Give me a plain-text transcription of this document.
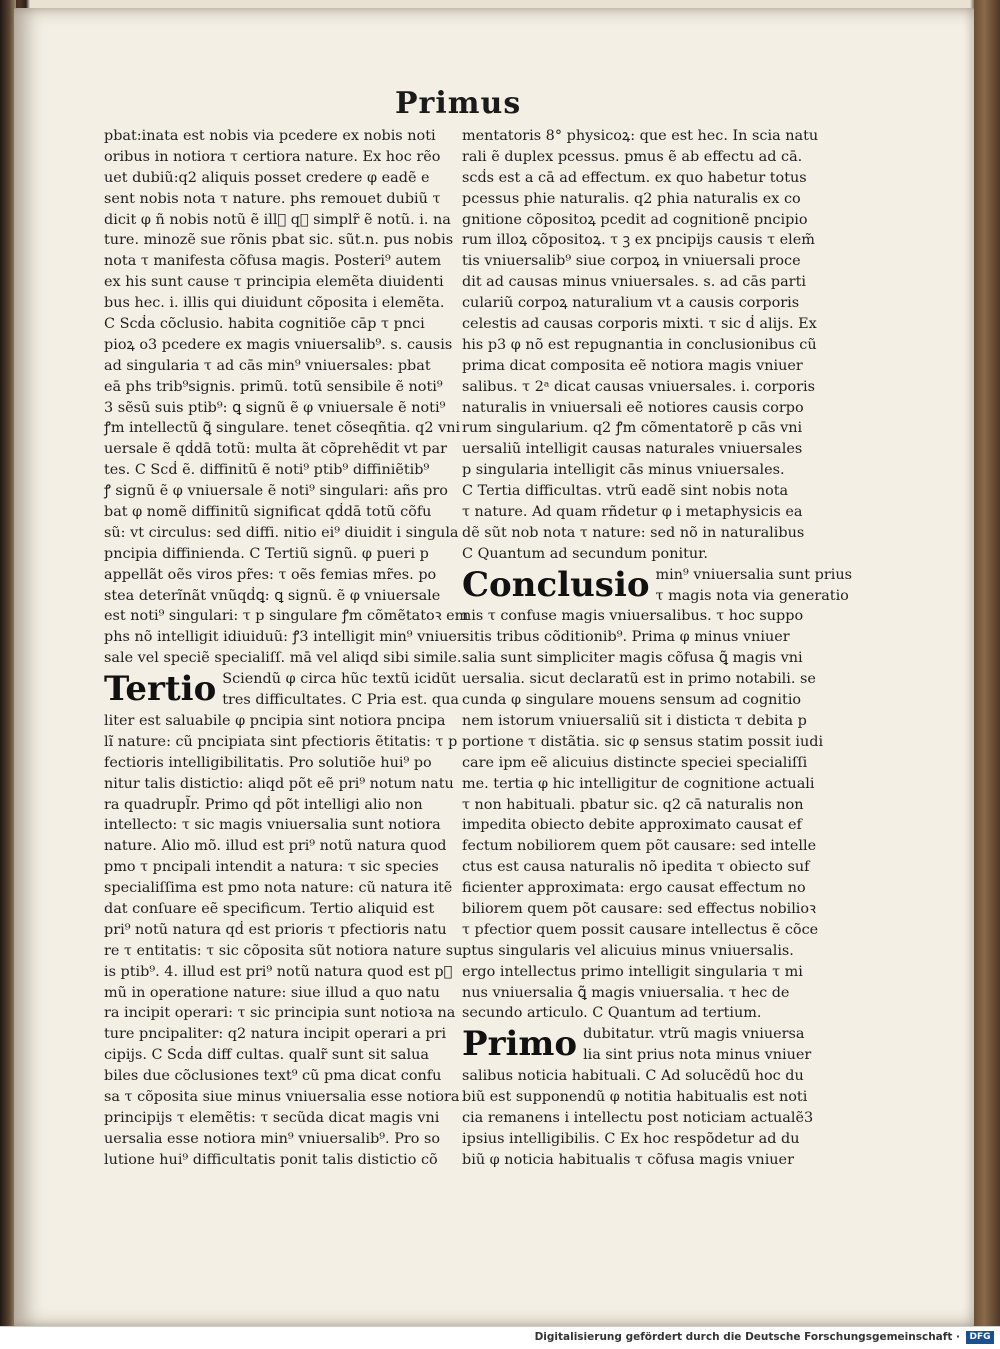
Primus
pbat:inata est nobis via pcedere ex nobis noti
oribus in notiora τ certiora nature. Ex hoc rẽo
uet dubiũ:q2 aliquis posset credere φ eadẽ e
sent nobis nota τ nature. phs remouet dubiũ τ
dicit φ ñ nobis notũ ẽ illᷓ qᷓ simplr̃ ẽ notũ. i. na
ture. minozẽ sue rõnis pbat sic. sũt.n. pus nobis
nota τ manifesta cõfusa magis. Posteri⁹ autem
ex his sunt cause τ principia elemẽta diuidenti
bus hec. i. illis qui diuidunt cõposita i elemẽta.
C Scḋa cõclusio. habita cognitiõe cāp τ pnci
pioꝝ o3 pcedere ex magis vniuersalib⁹. s. causis
ad singularia τ ad cās min⁹ vniuersales: pbat
eā phs trib⁹signis. primũ. totũ sensibile ẽ noti⁹
3 sẽsũ suis ptib⁹: ꝗ signũ ẽ φ vniuersale ẽ noti⁹
ꝭm intellectũ ꝗ̃ singulare. tenet cõseqñtia. q2 vni
uersale ẽ qḋdā totũ: multa ãt cõprehẽdit vt par
tes. C Scḋ ẽ. diffinitũ ẽ noti⁹ ptib⁹ diffiniẽtib⁹
ꝭ signũ ẽ φ vniuersale ẽ noti⁹ singulari: añs pro
bat φ nomẽ diffinitũ significat qḋdā totũ cõfu
sũ: vt circulus: sed diffi. nitio ei⁹ diuidit i singula
pncipia diffinienda. C Tertiũ signũ. φ pueri p
appellãt oẽs viros pr̃es: τ oẽs femias mr̃es. po
stea deterĩnãt vnũqḋꝗ: ꝗ signũ. ẽ φ vniuersale
est noti⁹ singulari: τ p singulare ꝭm cõmẽtatoꝛ em
phs nõ intelligit idiuiduũ: ꝭ3 intelligit min⁹ vniuer
sale vel speciẽ specialiſſ. mā vel aliqd sibi simile.
Tertio Sciendũ φ circa hũc textũ icidũt
tres difficultates. C Pria est. qua
liter est saluabile φ pncipia sint notiora pncipa
lĩ nature: cũ pncipiata sint pfectioris ẽtitatis: τ p
fectioris intelligibilitatis. Pro solutiõe hui⁹ po
nitur talis distictio: aliqd põt eẽ pri⁹ notum natu
ra quadrupl̃r. Primo qḋ põt intelligi alio non
intellecto: τ sic magis vniuersalia sunt notiora
nature. Alio mõ. illud est pri⁹ notũ natura quod
pmo τ pncipali intendit a natura: τ sic species
specialiſſima est pmo nota nature: cũ natura itẽ
dat conſuare eẽ specificum. Tertio aliquid est
pri⁹ notũ natura qḋ est prioris τ pfectioris natu
re τ entitatis: τ sic cõposita sũt notiora nature su
is ptib⁹. 4. illud est pri⁹ notũ natura quod est pᷓ
mũ in operatione nature: siue illud a quo natu
ra incipit operari: τ sic principia sunt notioꝛa na
ture pncipaliter: q2 natura incipit operari a pri
cipijs. C Scḋa diff cultas. qualr̃ sunt sit salua
biles due cõclusiones text⁹ cũ pma dicat confu
sa τ cõposita siue minus vniuersalia esse notiora
principijs τ elemẽtis: τ secũda dicat magis vni
uersalia esse notiora min⁹ vniuersalib⁹. Pro so
lutione hui⁹ difficultatis ponit talis distictio cõ
mentatoris 8° physicoꝝ: que est hec. In scia natu
rali ẽ duplex pcessus. pmus ẽ ab effectu ad cā.
scḋs est a cā ad effectum. ex quo habetur totus
pcessus phie naturalis. q2 phia naturalis ex co
gnitione cõpositoꝝ pcedit ad cognitionẽ pncipio
rum illoꝝ cõpositoꝝ. τ ꝫ ex pncipijs causis τ elem̃
tis vniuersalib⁹ siue corpoꝝ in vniuersali proce
dit ad causas minus vniuersales. s. ad cās parti
culariũ corpoꝝ naturalium vt a causis corporis
celestis ad causas corporis mixti. τ sic ḋ alijs. Ex
his p3 φ nõ est repugnantia in conclusionibus cũ
prima dicat composita eẽ notiora magis vniuer
salibus. τ 2ᵃ dicat causas vniuersales. i. corporis
naturalis in vniuersali eẽ notiores causis corpo
rum singularium. q2 ꝭm cõmentatorẽ p cās vni
uersaliũ intelligit causas naturales vniuersales
p singularia intelligit cās minus vniuersales.
C Tertia difficultas. vtrũ eadẽ sint nobis nota
τ nature. Ad quam rñdetur φ i metaphysicis ea
dẽ sũt nob nota τ nature: sed nõ in naturalibus
C Quantum ad secundum ponitur.
Conclusio min⁹ vniuersalia sunt prius
τ magis nota via generatio
nis τ confuse magis vniuersalibus. τ hoc suppo
sitis tribus cõditionib⁹. Prima φ minus vniuer
salia sunt simpliciter magis cõfusa ꝗ̃ magis vni
uersalia. sicut declaratũ est in primo notabili. se
cunda φ singulare mouens sensum ad cognitio
nem istorum vniuersaliũ sit i disticta τ debita p
portione τ distãtia. sic φ sensus statim possit iudi
care ipm eẽ alicuius distincte speciei specialiſſi
me. tertia φ hic intelligitur de cognitione actuali
τ non habituali. pbatur sic. q2 cā naturalis non
impedita obiecto debite approximato causat ef
fectum nobiliorem quem põt causare: sed intelle
ctus est causa naturalis nõ ipedita τ obiecto suf
ficienter approximata: ergo causat effectum no
biliorem quem põt causare: sed effectus nobilioꝛ
τ pfectior quem possit causare intellectus ẽ cõce
ptus singularis vel alicuius minus vniuersalis.
ergo intellectus primo intelligit singularia τ mi
nus vniuersalia ꝗ̃ magis vniuersalia. τ hec de
secundo articulo. C Quantum ad tertium.
Primo dubitatur. vtrũ magis vniuersa
lia sint prius nota minus vniuer
salibus noticia habituali. C Ad solucẽdũ hoc du
biũ est supponendũ φ notitia habitualis est noti
cia remanens i intellectu post noticiam actualẽ3
ipsius intelligibilis. C Ex hoc respõdetur ad du
biũ φ noticia habitualis τ cõfusa magis vniuer
Digitalisierung gefördert durch die Deutsche Forschungsgemeinschaft ·	DFG
